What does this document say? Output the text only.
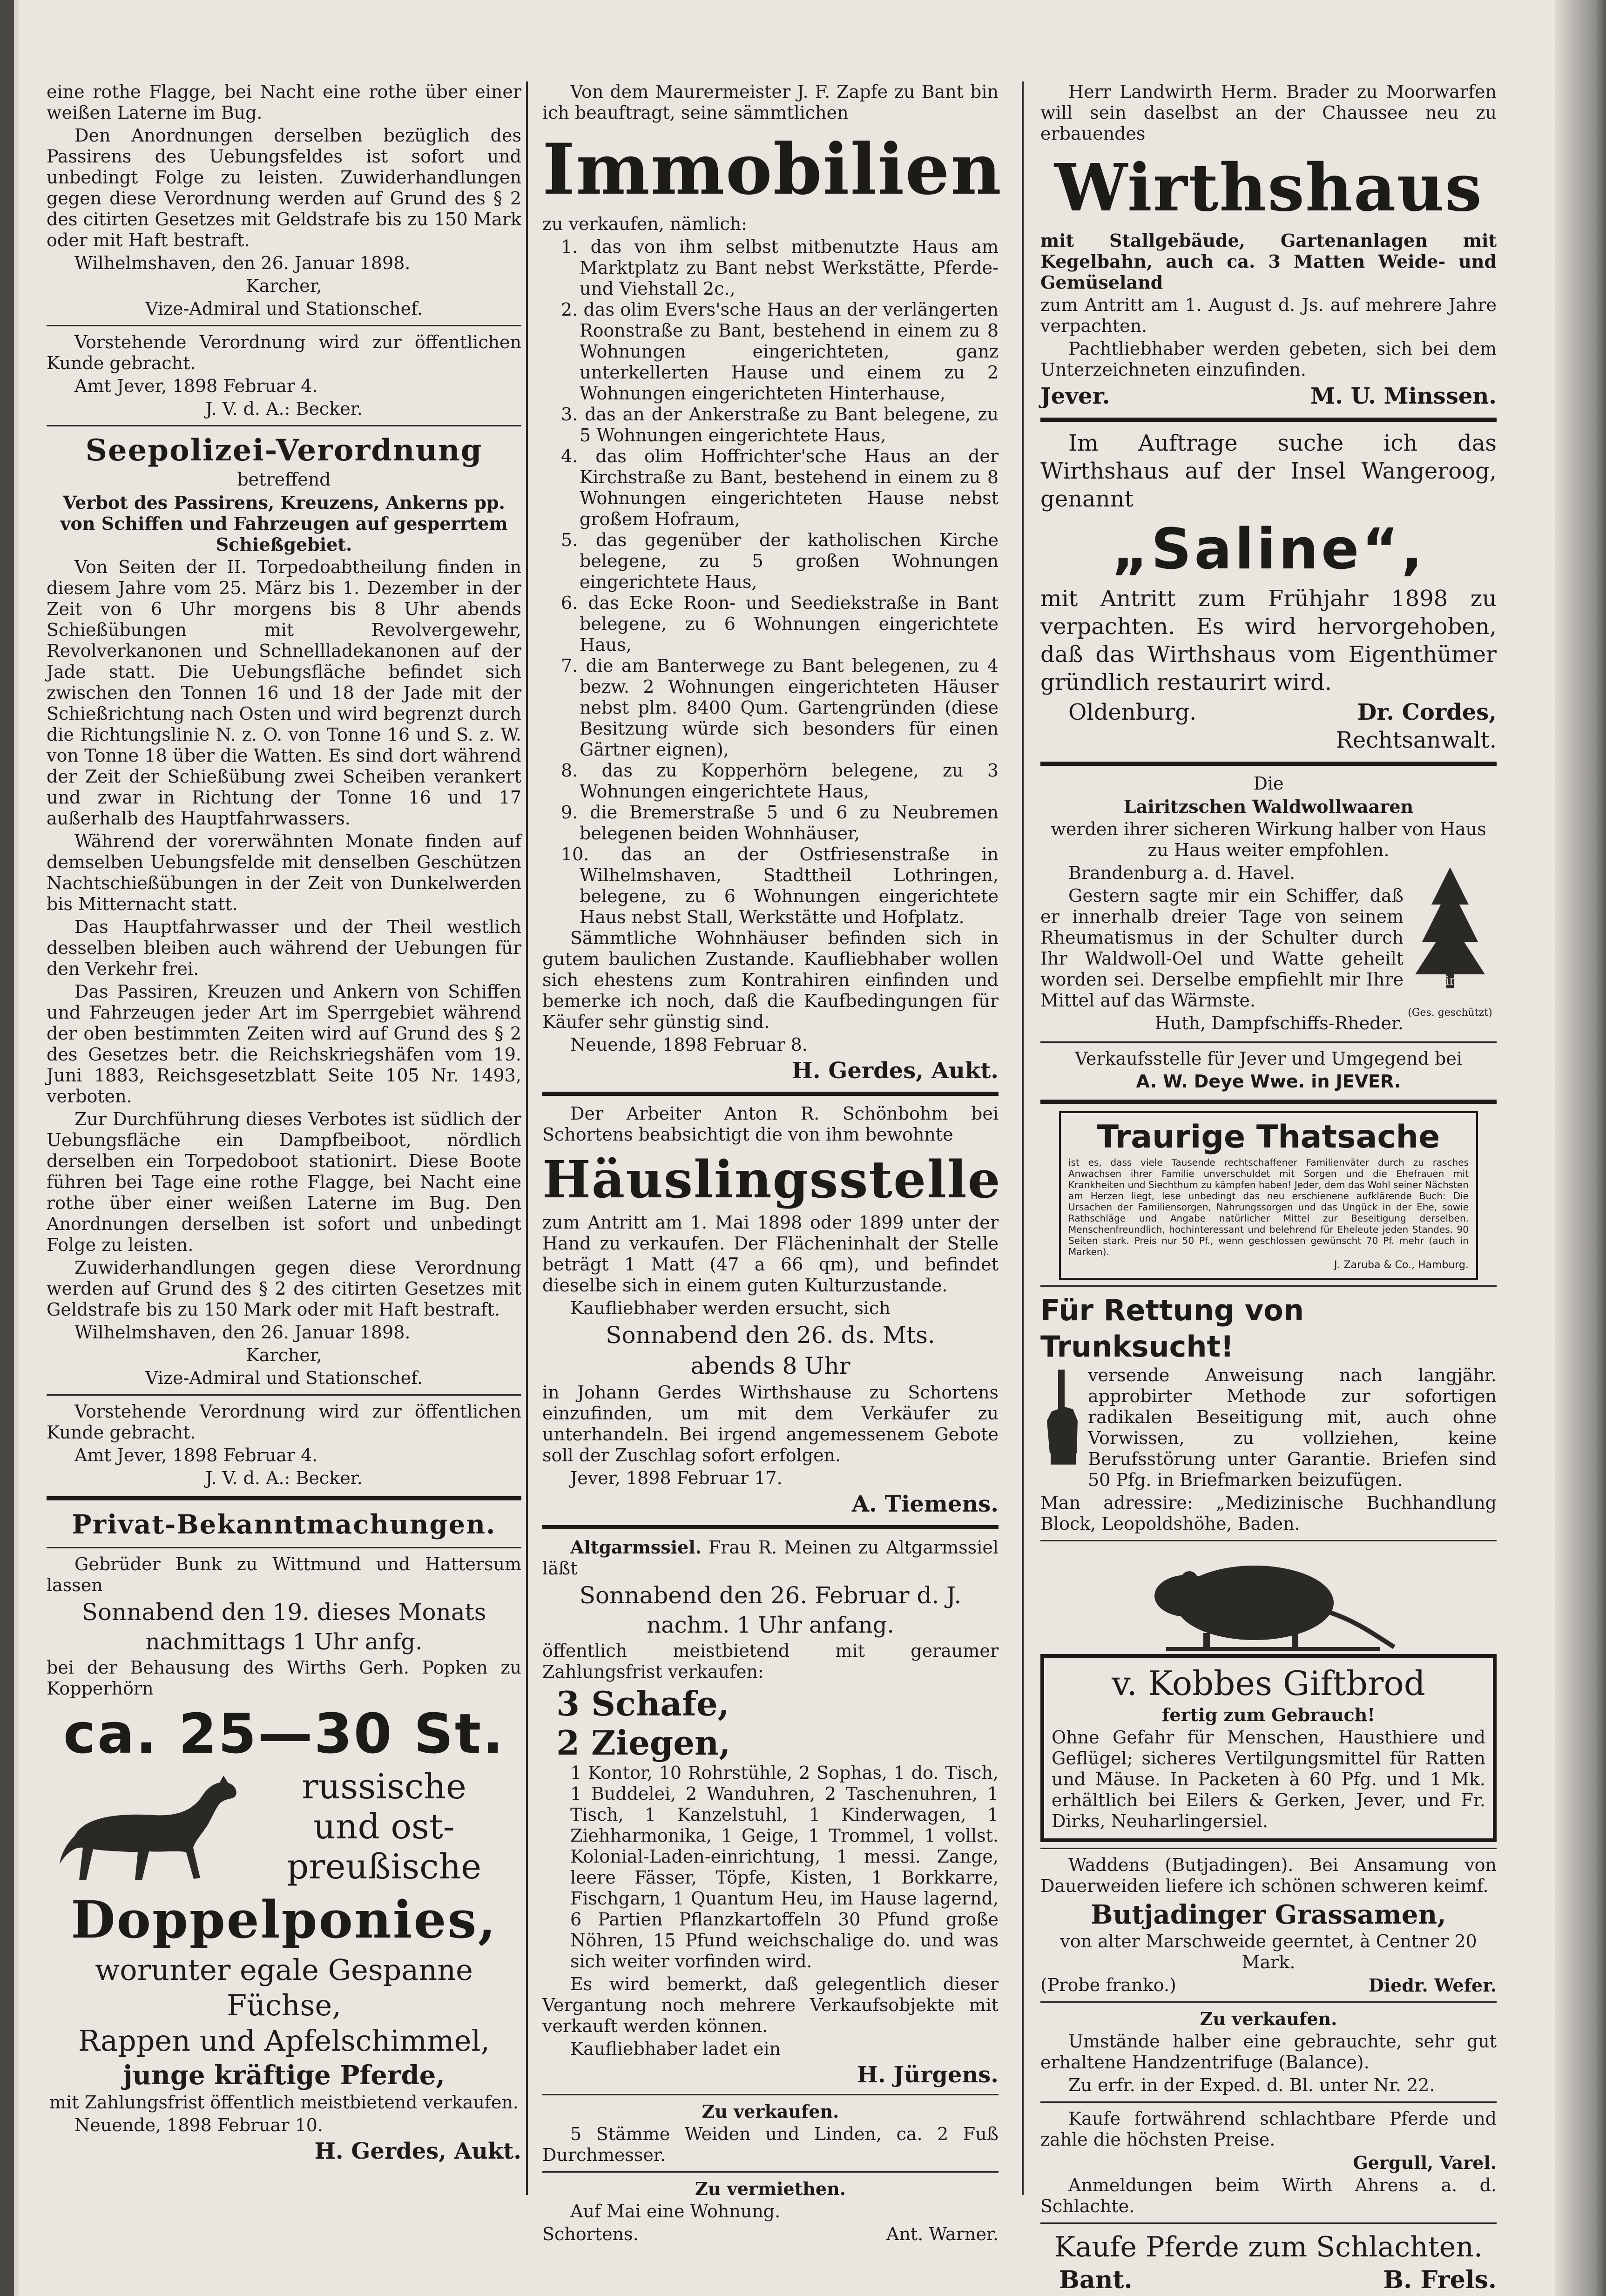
eine rothe Flagge, bei Nacht eine rothe über einer weißen Laterne im Bug.

Den Anordnungen derselben bezüglich des Passirens des Uebungsfeldes ist sofort und unbedingt Folge zu leisten. Zuwiderhandlungen gegen diese Verordnung werden auf Grund des § 2 des citirten Gesetzes mit Geldstrafe bis zu 150 Mark oder mit Haft bestraft.

Wilhelmshaven, den 26. Januar 1898.

Karcher,

Vize-Admiral und Stationschef.

Vorstehende Verordnung wird zur öffentlichen Kunde gebracht.

Amt Jever, 1898 Februar 4.

J. V. d. A.: Becker.

Seepolizei-Verordnung

betreffend

Verbot des Passirens, Kreuzens, Ankerns pp. von Schiffen und Fahrzeugen auf gesperrtem Schießgebiet.

Von Seiten der II. Torpedoabtheilung finden in diesem Jahre vom 25. März bis 1. Dezember in der Zeit von 6 Uhr morgens bis 8 Uhr abends Schießübungen mit Revolvergewehr, Revolverkanonen und Schnellladekanonen auf der Jade statt. Die Uebungsfläche befindet sich zwischen den Tonnen 16 und 18 der Jade mit der Schießrichtung nach Osten und wird begrenzt durch die Richtungslinie N. z. O. von Tonne 16 und S. z. W. von Tonne 18 über die Watten. Es sind dort während der Zeit der Schießübung zwei Scheiben verankert und zwar in Richtung der Tonne 16 und 17 außerhalb des Hauptfahrwassers.

Während der vorerwähnten Monate finden auf demselben Uebungsfelde mit denselben Geschützen Nachtschießübungen in der Zeit von Dunkelwerden bis Mitternacht statt.

Das Hauptfahrwasser und der Theil westlich desselben bleiben auch während der Uebungen für den Verkehr frei.

Das Passiren, Kreuzen und Ankern von Schiffen und Fahrzeugen jeder Art im Sperrgebiet während der oben bestimmten Zeiten wird auf Grund des § 2 des Gesetzes betr. die Reichskriegshäfen vom 19. Juni 1883, Reichsgesetzblatt Seite 105 Nr. 1493, verboten.

Zur Durchführung dieses Verbotes ist südlich der Uebungsfläche ein Dampfbeiboot, nördlich derselben ein Torpedoboot stationirt. Diese Boote führen bei Tage eine rothe Flagge, bei Nacht eine rothe über einer weißen Laterne im Bug. Den Anordnungen derselben ist sofort und unbedingt Folge zu leisten.

Zuwiderhandlungen gegen diese Verordnung werden auf Grund des § 2 des citirten Gesetzes mit Geldstrafe bis zu 150 Mark oder mit Haft bestraft.

Wilhelmshaven, den 26. Januar 1898.

Karcher,

Vize-Admiral und Stationschef.

Vorstehende Verordnung wird zur öffentlichen Kunde gebracht.

Amt Jever, 1898 Februar 4.

J. V. d. A.: Becker.

Privat-Bekanntmachungen.

Gebrüder Bunk zu Wittmund und Hattersum lassen

Sonnabend den 19. dieses Monats

nachmittags 1 Uhr anfg.

bei der Behausung des Wirths Gerh. Popken zu Kopperhörn

ca. 25—30 St.
russische
und ost-
preußische
Doppelponies,
worunter egale Gespanne Füchse,
Rappen und Apfelschimmel,
junge kräftige Pferde,

mit Zahlungsfrist öffentlich meistbietend verkaufen.

Neuende, 1898 Februar 10.

H. Gerdes, Aukt.

Von dem Maurermeister J. F. Zapfe zu Bant bin ich beauftragt, seine sämmtlichen

Immobilien

zu verkaufen, nämlich:

1. das von ihm selbst mitbenutzte Haus am Marktplatz zu Bant nebst Werkstätte, Pferde- und Viehstall 2c.,
2. das olim Evers'sche Haus an der verlängerten Roonstraße zu Bant, bestehend in einem zu 8 Wohnungen eingerichteten, ganz unterkellerten Hause und einem zu 2 Wohnungen eingerichteten Hinterhause,
3. das an der Ankerstraße zu Bant belegene, zu 5 Wohnungen eingerichtete Haus,
4. das olim Hoffrichter'sche Haus an der Kirchstraße zu Bant, bestehend in einem zu 8 Wohnungen eingerichteten Hause nebst großem Hofraum,
5. das gegenüber der katholischen Kirche belegene, zu 5 großen Wohnungen eingerichtete Haus,
6. das Ecke Roon- und Seediekstraße in Bant belegene, zu 6 Wohnungen eingerichtete Haus,
7. die am Banterwege zu Bant belegenen, zu 4 bezw. 2 Wohnungen eingerichteten Häuser nebst plm. 8400 Qum. Gartengründen (diese Besitzung würde sich besonders für einen Gärtner eignen),
8. das zu Kopperhörn belegene, zu 3 Wohnungen eingerichtete Haus,
9. die Bremerstraße 5 und 6 zu Neubremen belegenen beiden Wohnhäuser,
10. das an der Ostfriesenstraße in Wilhelmshaven, Stadttheil Lothringen, belegene, zu 6 Wohnungen eingerichtete Haus nebst Stall, Werkstätte und Hofplatz.

Sämmtliche Wohnhäuser befinden sich in gutem baulichen Zustande. Kaufliebhaber wollen sich ehestens zum Kontrahiren einfinden und bemerke ich noch, daß die Kaufbedingungen für Käufer sehr günstig sind.

Neuende, 1898 Februar 8.

H. Gerdes, Aukt.

Der Arbeiter Anton R. Schönbohm bei Schortens beabsichtigt die von ihm bewohnte

Häuslingsstelle

zum Antritt am 1. Mai 1898 oder 1899 unter der Hand zu verkaufen. Der Flächeninhalt der Stelle beträgt 1 Matt (47 a 66 qm), und befindet dieselbe sich in einem guten Kulturzustande.

Kaufliebhaber werden ersucht, sich

Sonnabend den 26. ds. Mts.

abends 8 Uhr

in Johann Gerdes Wirthshause zu Schortens einzufinden, um mit dem Verkäufer zu unterhandeln. Bei irgend angemessenem Gebote soll der Zuschlag sofort erfolgen.

Jever, 1898 Februar 17.

A. Tiemens.

Altgarmssiel. Frau R. Meinen zu Altgarmssiel läßt

Sonnabend den 26. Februar d. J.

nachm. 1 Uhr anfang.

öffentlich meistbietend mit geraumer Zahlungsfrist verkaufen:

3 Schafe,
2 Ziegen,

1 Kontor, 10 Rohrstühle, 2 Sophas, 1 do. Tisch, 1 Buddelei, 2 Wanduhren, 2 Taschenuhren, 1 Tisch, 1 Kanzelstuhl, 1 Kinderwagen, 1 Ziehharmonika, 1 Geige, 1 Trommel, 1 vollst. Kolonial-Laden-einrichtung, 1 messi. Zange, leere Fässer, Töpfe, Kisten, 1 Borkkarre, Fischgarn, 1 Quantum Heu, im Hause lagernd, 6 Partien Pflanzkartoffeln 30 Pfund große Nöhren, 15 Pfund weichschalige do. und was sich weiter vorfinden wird.

Es wird bemerkt, daß gelegentlich dieser Vergantung noch mehrere Verkaufsobjekte mit verkauft werden können.

Kaufliebhaber ladet ein

H. Jürgens.

Zu verkaufen.

5 Stämme Weiden und Linden, ca. 2 Fuß Durchmesser.

Zu vermiethen.

Auf Mai eine Wohnung.

Schortens.	Ant. Warner.

Herr Landwirth Herm. Brader zu Moorwarfen will sein daselbst an der Chaussee neu zu erbauendes

Wirthshaus

mit Stallgebäude, Gartenanlagen mit Kegelbahn, auch ca. 3 Matten Weide- und Gemüseland

zum Antritt am 1. August d. Js. auf mehrere Jahre verpachten.

Pachtliebhaber werden gebeten, sich bei dem Unterzeichneten einzufinden.

Jever.	M. U. Minssen.

Im Auftrage suche ich das Wirthshaus auf der Insel Wangeroog, genannt

„Saline“,

mit Antritt zum Frühjahr 1898 zu verpachten. Es wird hervorgehoben, daß das Wirthshaus vom Eigenthümer gründlich restaurirt wird.

Oldenburg.	Dr. Cordes,

Rechtsanwalt.

Die

Lairitzschen Waldwollwaaren

werden ihrer sicheren Wirkung halber von Haus zu Haus weiter empfohlen.

Brandenburg a. d. Havel.

Gestern sagte mir ein Schiffer, daß er innerhalb dreier Tage von seinem Rheumatismus in der Schulter durch Ihr Waldwoll-Oel und Watte geheilt worden sei. Derselbe empfiehlt mir Ihre Mittel auf das Wärmste.

Huth, Dampfschiffs-Rheder.

Lairitz
(Ges. geschützt)

Verkaufsstelle für Jever und Umgegend bei

A. W. Deye Wwe. in JEVER.

Traurige Thatsache

ist es, dass viele Tausende rechtschaffener Familienväter durch zu rasches Anwachsen ihrer Familie unverschuldet mit Sorgen und die Ehefrauen mit Krankheiten und Siechthum zu kämpfen haben! Jeder, dem das Wohl seiner Nächsten am Herzen liegt, lese unbedingt das neu erschienene aufklärende Buch: Die Ursachen der Familiensorgen, Nahrungssorgen und das Ungück in der Ehe, sowie Rathschläge und Angabe natürlicher Mittel zur Beseitigung derselben. Menschenfreundlich, hochinteressant und belehrend für Eheleute jeden Standes. 90 Seiten stark. Preis nur 50 Pf., wenn geschlossen gewünscht 70 Pf. mehr (auch in Marken).

J. Zaruba & Co., Hamburg.

Für Rettung von Trunksucht!

versende Anweisung nach langjähr. approbirter Methode zur sofortigen radikalen Beseitigung mit, auch ohne Vorwissen, zu vollziehen, keine Berufsstörung unter Garantie. Briefen sind 50 Pfg. in Briefmarken beizufügen.

Man adressire: „Medizinische Buchhandlung Block, Leopoldshöhe, Baden.

v. Kobbes Giftbrod

fertig zum Gebrauch!

Ohne Gefahr für Menschen, Hausthiere und Geflügel; sicheres Vertilgungsmittel für Ratten und Mäuse. In Packeten à 60 Pfg. und 1 Mk. erhältlich bei Eilers & Gerken, Jever, und Fr. Dirks, Neuharlingersiel.

Waddens (Butjadingen). Bei Ansamung von Dauerweiden liefere ich schönen schweren keimf.

Butjadinger Grassamen,

von alter Marschweide geerntet, à Centner 20 Mark.

(Probe franko.)	Diedr. Wefer.

Zu verkaufen.

Umstände halber eine gebrauchte, sehr gut erhaltene Handzentrifuge (Balance).

Zu erfr. in der Exped. d. Bl. unter Nr. 22.

Kaufe fortwährend schlachtbare Pferde und zahle die höchsten Preise.

Gergull, Varel.

Anmeldungen beim Wirth Ahrens a. d. Schlachte.

Kaufe Pferde zum Schlachten.
Bant.	B. Frels.
